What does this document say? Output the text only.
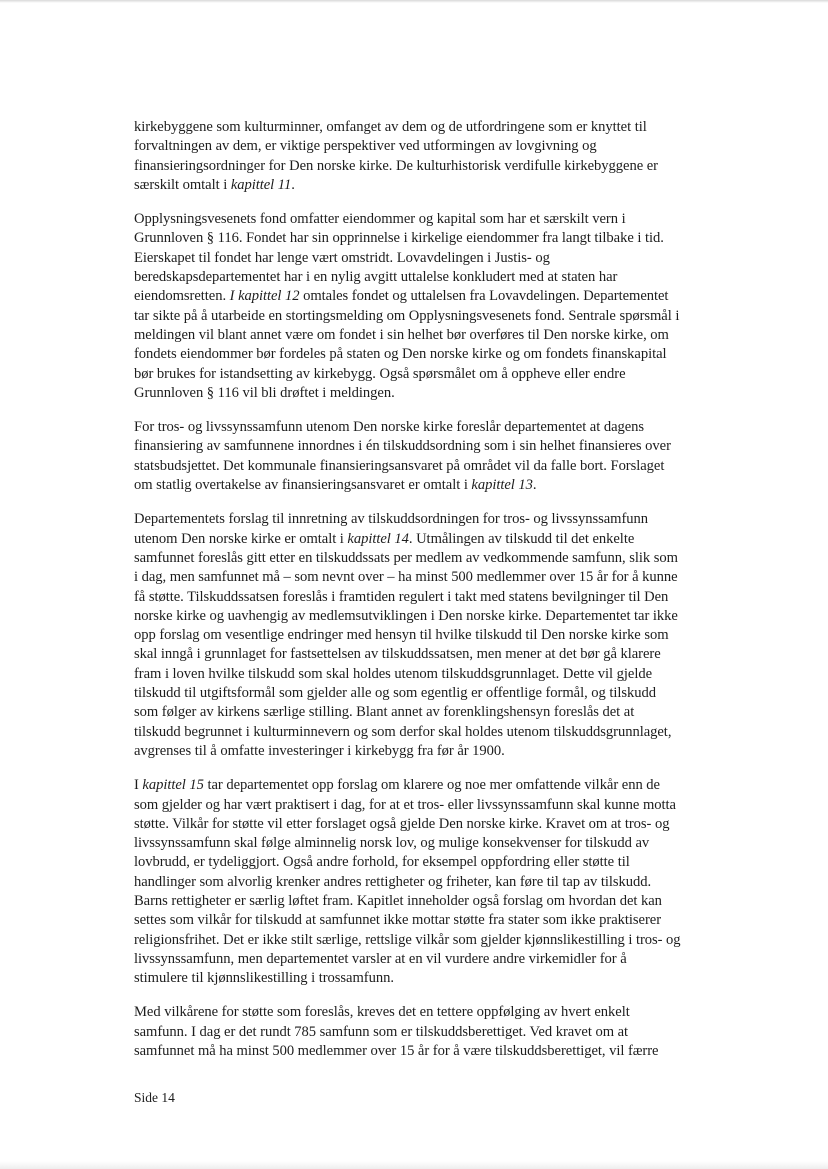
kirkebyggene som kulturminner, omfanget av dem og de utfordringene som er knyttet til
forvaltningen av dem, er viktige perspektiver ved utformingen av lovgivning og
finansieringsordninger for Den norske kirke. De kulturhistorisk verdifulle kirkebyggene er
særskilt omtalt i kapittel 11.
Opplysningsvesenets fond omfatter eiendommer og kapital som har et særskilt vern i
Grunnloven § 116. Fondet har sin opprinnelse i kirkelige eiendommer fra langt tilbake i tid.
Eierskapet til fondet har lenge vært omstridt. Lovavdelingen i Justis- og
beredskapsdepartementet har i en nylig avgitt uttalelse konkludert med at staten har
eiendomsretten. I kapittel 12 omtales fondet og uttalelsen fra Lovavdelingen. Departementet
tar sikte på å utarbeide en stortingsmelding om Opplysningsvesenets fond. Sentrale spørsmål i
meldingen vil blant annet være om fondet i sin helhet bør overføres til Den norske kirke, om
fondets eiendommer bør fordeles på staten og Den norske kirke og om fondets finanskapital
bør brukes for istandsetting av kirkebygg. Også spørsmålet om å oppheve eller endre
Grunnloven § 116 vil bli drøftet i meldingen.
For tros- og livssynssamfunn utenom Den norske kirke foreslår departementet at dagens
finansiering av samfunnene innordnes i én tilskuddsordning som i sin helhet finansieres over
statsbudsjettet. Det kommunale finansieringsansvaret på området vil da falle bort. Forslaget
om statlig overtakelse av finansieringsansvaret er omtalt i kapittel 13.
Departementets forslag til innretning av tilskuddsordningen for tros- og livssynssamfunn
utenom Den norske kirke er omtalt i kapittel 14. Utmålingen av tilskudd til det enkelte
samfunnet foreslås gitt etter en tilskuddssats per medlem av vedkommende samfunn, slik som
i dag, men samfunnet må – som nevnt over – ha minst 500 medlemmer over 15 år for å kunne
få støtte. Tilskuddssatsen foreslås i framtiden regulert i takt med statens bevilgninger til Den
norske kirke og uavhengig av medlemsutviklingen i Den norske kirke. Departementet tar ikke
opp forslag om vesentlige endringer med hensyn til hvilke tilskudd til Den norske kirke som
skal inngå i grunnlaget for fastsettelsen av tilskuddssatsen, men mener at det bør gå klarere
fram i loven hvilke tilskudd som skal holdes utenom tilskuddsgrunnlaget. Dette vil gjelde
tilskudd til utgiftsformål som gjelder alle og som egentlig er offentlige formål, og tilskudd
som følger av kirkens særlige stilling. Blant annet av forenklingshensyn foreslås det at
tilskudd begrunnet i kulturminnevern og som derfor skal holdes utenom tilskuddsgrunnlaget,
avgrenses til å omfatte investeringer i kirkebygg fra før år 1900.
I kapittel 15 tar departementet opp forslag om klarere og noe mer omfattende vilkår enn de
som gjelder og har vært praktisert i dag, for at et tros- eller livssynssamfunn skal kunne motta
støtte. Vilkår for støtte vil etter forslaget også gjelde Den norske kirke. Kravet om at tros- og
livssynssamfunn skal følge alminnelig norsk lov, og mulige konsekvenser for tilskudd av
lovbrudd, er tydeliggjort. Også andre forhold, for eksempel oppfordring eller støtte til
handlinger som alvorlig krenker andres rettigheter og friheter, kan føre til tap av tilskudd.
Barns rettigheter er særlig løftet fram. Kapitlet inneholder også forslag om hvordan det kan
settes som vilkår for tilskudd at samfunnet ikke mottar støtte fra stater som ikke praktiserer
religionsfrihet. Det er ikke stilt særlige, rettslige vilkår som gjelder kjønnslikestilling i tros- og
livssynssamfunn, men departementet varsler at en vil vurdere andre virkemidler for å
stimulere til kjønnslikestilling i trossamfunn.
Med vilkårene for støtte som foreslås, kreves det en tettere oppfølging av hvert enkelt
samfunn. I dag er det rundt 785 samfunn som er tilskuddsberettiget. Ved kravet om at
samfunnet må ha minst 500 medlemmer over 15 år for å være tilskuddsberettiget, vil færre
Side 14
